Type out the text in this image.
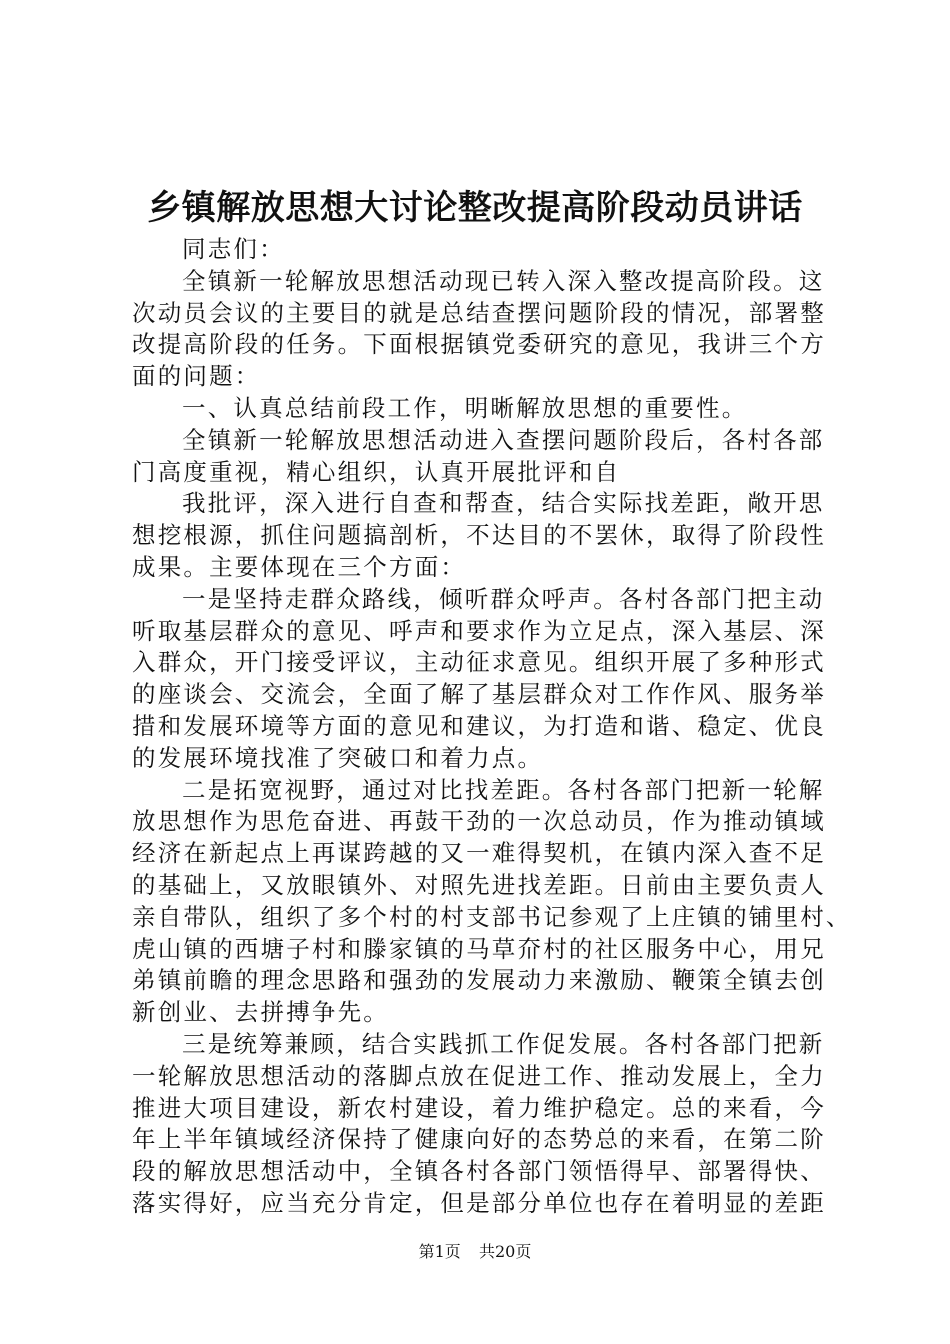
乡镇解放思想大讨论整改提高阶段动员讲话
同志们：
全镇新一轮解放思想活动现已转入深入整改提高阶段。这
次动员会议的主要目的就是总结查摆问题阶段的情况，部署整
改提高阶段的任务。下面根据镇党委研究的意见，我讲三个方
面的问题：
一、认真总结前段工作，明晰解放思想的重要性。
全镇新一轮解放思想活动进入查摆问题阶段后，各村各部
门高度重视，精心组织，认真开展批评和自
我批评，深入进行自查和帮查，结合实际找差距，敞开思
想挖根源，抓住问题搞剖析，不达目的不罢休，取得了阶段性
成果。主要体现在三个方面：
一是坚持走群众路线，倾听群众呼声。各村各部门把主动
听取基层群众的意见、呼声和要求作为立足点，深入基层、深
入群众，开门接受评议，主动征求意见。组织开展了多种形式
的座谈会、交流会，全面了解了基层群众对工作作风、服务举
措和发展环境等方面的意见和建议，为打造和谐、稳定、优良
的发展环境找准了突破口和着力点。
二是拓宽视野，通过对比找差距。各村各部门把新一轮解
放思想作为思危奋进、再鼓干劲的一次总动员，作为推动镇域
经济在新起点上再谋跨越的又一难得契机，在镇内深入查不足
的基础上，又放眼镇外、对照先进找差距。日前由主要负责人
亲自带队，组织了多个村的村支部书记参观了上庄镇的铺里村、
虎山镇的西塘子村和滕家镇的马草夼村的社区服务中心，用兄
弟镇前瞻的理念思路和强劲的发展动力来激励、鞭策全镇去创
新创业、去拼搏争先。
三是统筹兼顾，结合实践抓工作促发展。各村各部门把新
一轮解放思想活动的落脚点放在促进工作、推动发展上，全力
推进大项目建设，新农村建设，着力维护稳定。总的来看，今
年上半年镇域经济保持了健康向好的态势总的来看，在第二阶
段的解放思想活动中，全镇各村各部门领悟得早、部署得快、
落实得好，应当充分肯定，但是部分单位也存在着明显的差距
第1页 共20页
